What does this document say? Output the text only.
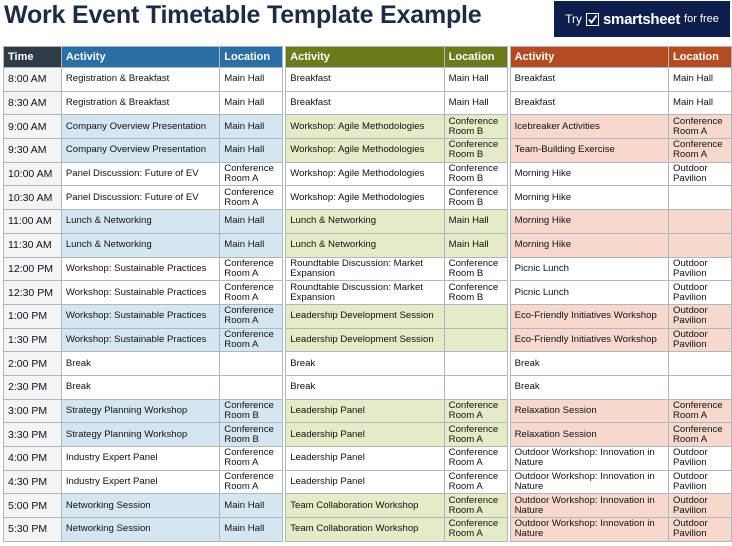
Work Event Timetable Template Example	Try smartsheet for free
Time	Activity	Location		Activity	Location		Activity	Location
8:00 AM	Registration & Breakfast	Main Hall		Breakfast	Main Hall		Breakfast	Main Hall
8:30 AM	Registration & Breakfast	Main Hall		Breakfast	Main Hall		Breakfast	Main Hall
9:00 AM	Company Overview Presentation	Main Hall		Workshop: Agile Methodologies	Conference Room B		Icebreaker Activities	Conference Room A
9:30 AM	Company Overview Presentation	Main Hall		Workshop: Agile Methodologies	Conference Room B		Team-Building Exercise	Conference Room A
10:00 AM	Panel Discussion: Future of EV	Conference Room A		Workshop: Agile Methodologies	Conference Room B		Morning Hike	Outdoor Pavilion
10:30 AM	Panel Discussion: Future of EV	Conference Room A		Workshop: Agile Methodologies	Conference Room B		Morning Hike	
11:00 AM	Lunch & Networking	Main Hall		Lunch & Networking	Main Hall		Morning Hike	
11:30 AM	Lunch & Networking	Main Hall		Lunch & Networking	Main Hall		Morning Hike	
12:00 PM	Workshop: Sustainable Practices	Conference Room A		Roundtable Discussion: Market Expansion	Conference Room B		Picnic Lunch	Outdoor Pavilion
12:30 PM	Workshop: Sustainable Practices	Conference Room A		Roundtable Discussion: Market Expansion	Conference Room B		Picnic Lunch	Outdoor Pavilion
1:00 PM	Workshop: Sustainable Practices	Conference Room A		Leadership Development Session			Eco-Friendly Initiatives Workshop	Outdoor Pavilion
1:30 PM	Workshop: Sustainable Practices	Conference Room A		Leadership Development Session			Eco-Friendly Initiatives Workshop	Outdoor Pavilion
2:00 PM	Break			Break			Break	
2:30 PM	Break			Break			Break	
3:00 PM	Strategy Planning Workshop	Conference Room B		Leadership Panel	Conference Room A		Relaxation Session	Conference Room A
3:30 PM	Strategy Planning Workshop	Conference Room B		Leadership Panel	Conference Room A		Relaxation Session	Conference Room A
4:00 PM	Industry Expert Panel	Conference Room A		Leadership Panel	Conference Room A		Outdoor Workshop: Innovation in Nature	Outdoor Pavilion
4:30 PM	Industry Expert Panel	Conference Room A		Leadership Panel	Conference Room A		Outdoor Workshop: Innovation in Nature	Outdoor Pavilion
5:00 PM	Networking Session	Main Hall		Team Collaboration Workshop	Conference Room A		Outdoor Workshop: Innovation in Nature	Outdoor Pavilion
5:30 PM	Networking Session	Main Hall		Team Collaboration Workshop	Conference Room A		Outdoor Workshop: Innovation in Nature	Outdoor Pavilion
